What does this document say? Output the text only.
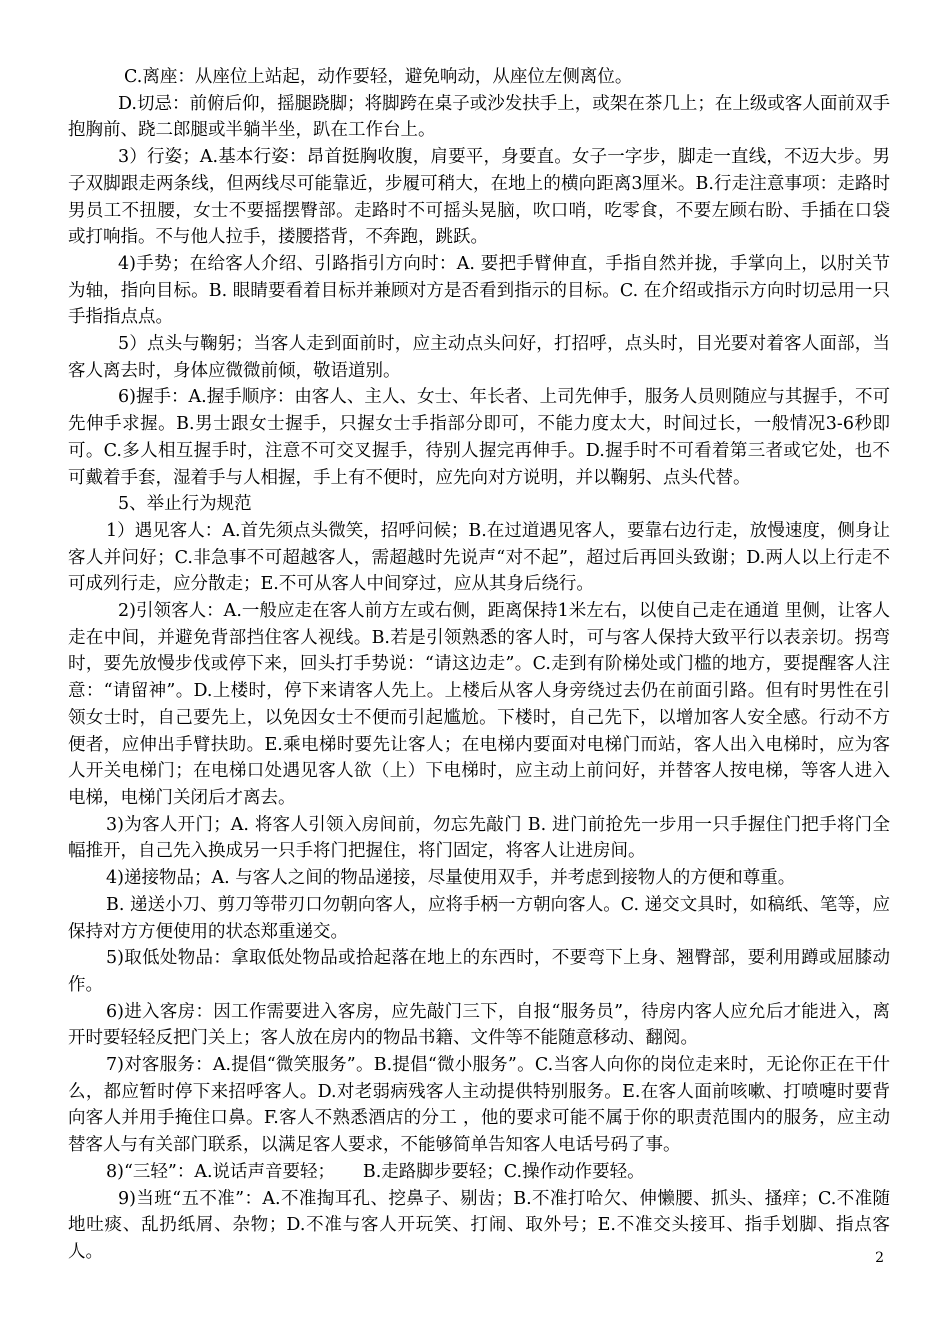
C.离座：从座位上站起，动作要轻，避免响动，从座位左侧离位。

D.切忌：前俯后仰，摇腿跷脚；将脚跨在桌子或沙发扶手上，或架在茶几上；在上级或客人面前双手抱胸前、跷二郎腿或半躺半坐，趴在工作台上。

3）行姿；A.基本行姿：昂首挺胸收腹，肩要平，身要直。女子一字步，脚走一直线，不迈大步。男子双脚跟走两条线，但两线尽可能靠近，步履可稍大，在地上的横向距离3厘米。B.行走注意事项：走路时男员工不扭腰，女士不要摇摆臀部。走路时不可摇头晃脑，吹口哨，吃零食，不要左顾右盼、手插在口袋或打响指。不与他人拉手，搂腰搭背，不奔跑，跳跃。

4)手势；在给客人介绍、引路指引方向时：A. 要把手臂伸直，手指自然并拢，手掌向上，以肘关节为轴，指向目标。B. 眼睛要看着目标并兼顾对方是否看到指示的目标。C. 在介绍或指示方向时切忌用一只手指指点点。

5）点头与鞠躬；当客人走到面前时，应主动点头问好，打招呼，点头时，目光要对着客人面部，当客人离去时，身体应微微前倾，敬语道别。

6)握手：A.握手顺序：由客人、主人、女士、年长者、上司先伸手，服务人员则随应与其握手，不可先伸手求握。B.男士跟女士握手，只握女士手指部分即可，不能力度太大，时间过长，一般情况3-6秒即可。C.多人相互握手时，注意不可交叉握手，待别人握完再伸手。D.握手时不可看着第三者或它处，也不可戴着手套，湿着手与人相握，手上有不便时，应先向对方说明，并以鞠躬、点头代替。

5、举止行为规范

1）遇见客人：A.首先须点头微笑，招呼问候；B.在过道遇见客人，要靠右边行走，放慢速度，侧身让客人并问好；C.非急事不可超越客人，需超越时先说声“对不起”，超过后再回头致谢；D.两人以上行走不可成列行走，应分散走；E.不可从客人中间穿过，应从其身后绕行。

2)引领客人：A.一般应走在客人前方左或右侧，距离保持1米左右，以使自己走在通道 里侧，让客人走在中间，并避免背部挡住客人视线。B.若是引领熟悉的客人时，可与客人保持大致平行以表亲切。拐弯时，要先放慢步伐或停下来，回头打手势说：“请这边走”。C.走到有阶梯处或门槛的地方，要提醒客人注意：“请留神”。D.上楼时，停下来请客人先上。上楼后从客人身旁绕过去仍在前面引路。但有时男性在引领女士时，自己要先上，以免因女士不便而引起尴尬。下楼时，自己先下，以增加客人安全感。行动不方便者，应伸出手臂扶助。E.乘电梯时要先让客人；在电梯内要面对电梯门而站，客人出入电梯时，应为客人开关电梯门；在电梯口处遇见客人欲（上）下电梯时，应主动上前问好，并替客人按电梯，等客人进入电梯，电梯门关闭后才离去。

3)为客人开门；A. 将客人引领入房间前，勿忘先敲门 B. 进门前抢先一步用一只手握住门把手将门全幅推开，自己先入换成另一只手将门把握住，将门固定，将客人让进房间。

4)递接物品；A. 与客人之间的物品递接，尽量使用双手，并考虑到接物人的方便和尊重。

B. 递送小刀、剪刀等带刃口勿朝向客人，应将手柄一方朝向客人。C. 递交文具时，如稿纸、笔等，应保持对方方便使用的状态郑重递交。

5)取低处物品：拿取低处物品或拾起落在地上的东西时，不要弯下上身、翘臀部，要利用蹲或屈膝动作。

6)进入客房：因工作需要进入客房，应先敲门三下，自报“服务员”，待房内客人应允后才能进入，离开时要轻轻反把门关上；客人放在房内的物品书籍、文件等不能随意移动、翻阅。

7)对客服务：A.提倡“微笑服务”。B.提倡“微小服务”。C.当客人向你的岗位走来时，无论你正在干什么，都应暂时停下来招呼客人。D.对老弱病残客人主动提供特别服务。E.在客人面前咳嗽、打喷嚏时要背向客人并用手掩住口鼻。F.客人不熟悉酒店的分工 ，他的要求可能不属于你的职责范围内的服务，应主动替客人与有关部门联系，以满足客人要求，不能够简单告知客人电话号码了事。

8)“三轻”：A.说话声音要轻；     B.走路脚步要轻；C.操作动作要轻。

9)当班“五不准”：A.不准掏耳孔、挖鼻子、剔齿；B.不准打哈欠、伸懒腰、抓头、搔痒；C.不准随地吐痰、乱扔纸屑、杂物；D.不准与客人开玩笑、打闹、取外号；E.不准交头接耳、指手划脚、指点客人。	2
